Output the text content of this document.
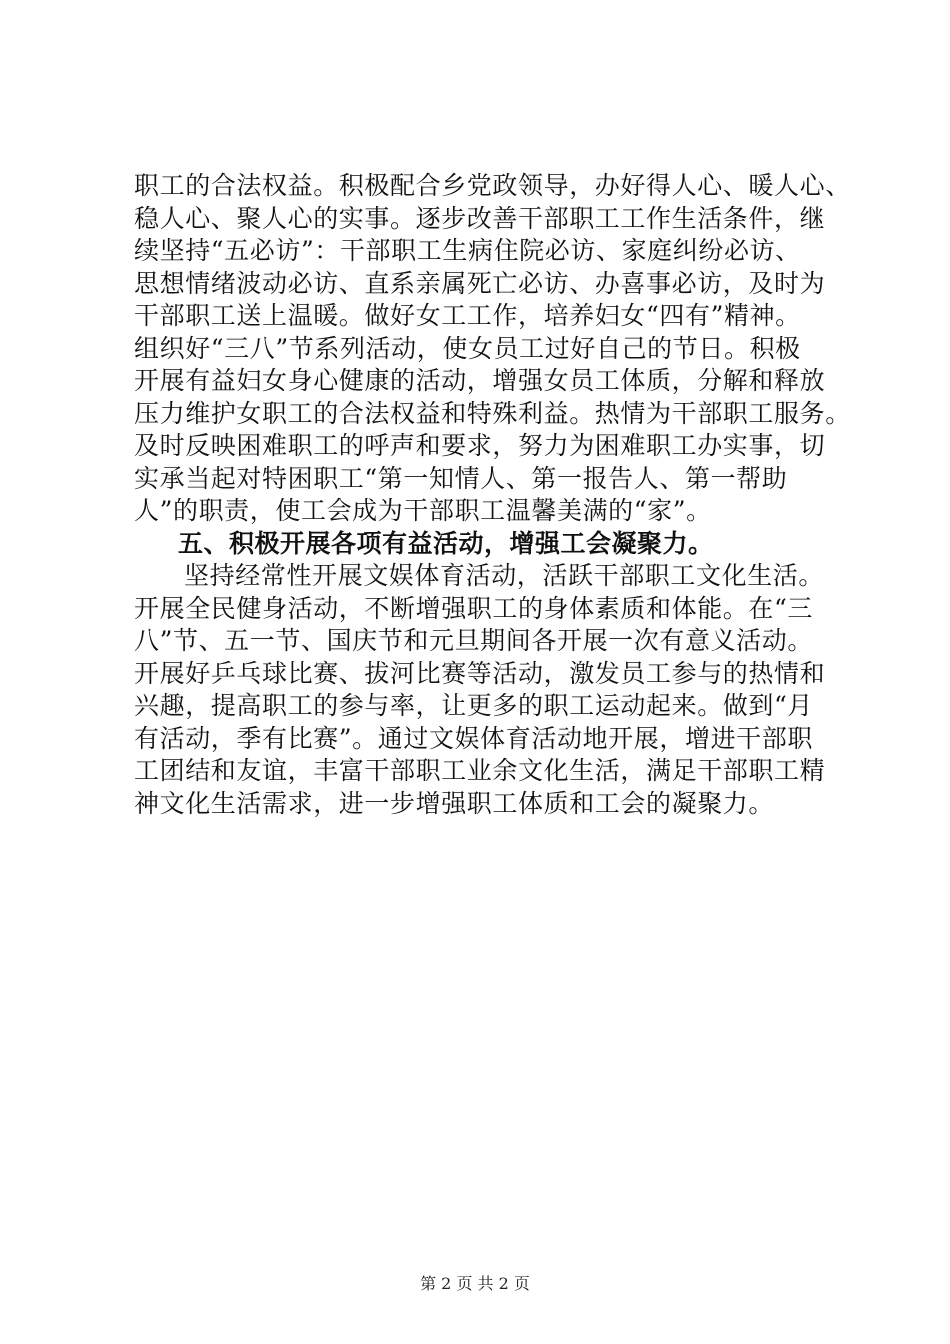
职工的合法权益。积极配合乡党政领导，办好得人心、暖人心、
稳人心、聚人心的实事。逐步改善干部职工工作生活条件，继
续坚持“五必访”：干部职工生病住院必访、家庭纠纷必访、
思想情绪波动必访、直系亲属死亡必访、办喜事必访，及时为
干部职工送上温暖。做好女工工作，培养妇女“四有”精神。
组织好“三八”节系列活动，使女员工过好自己的节日。积极
开展有益妇女身心健康的活动，增强女员工体质，分解和释放
压力维护女职工的合法权益和特殊利益。热情为干部职工服务。
及时反映困难职工的呼声和要求，努力为困难职工办实事，切
实承当起对特困职工“第一知情人、第一报告人、第一帮助
人”的职责，使工会成为干部职工温馨美满的“家”。
五、积极开展各项有益活动，增强工会凝聚力。
坚持经常性开展文娱体育活动，活跃干部职工文化生活。
开展全民健身活动，不断增强职工的身体素质和体能。在“三
八”节、五一节、国庆节和元旦期间各开展一次有意义活动。
开展好乒乓球比赛、拔河比赛等活动，激发员工参与的热情和
兴趣，提高职工的参与率，让更多的职工运动起来。做到“月
有活动，季有比赛”。通过文娱体育活动地开展，增进干部职
工团结和友谊，丰富干部职工业余文化生活，满足干部职工精
神文化生活需求，进一步增强职工体质和工会的凝聚力。
第 2 页 共 2 页
